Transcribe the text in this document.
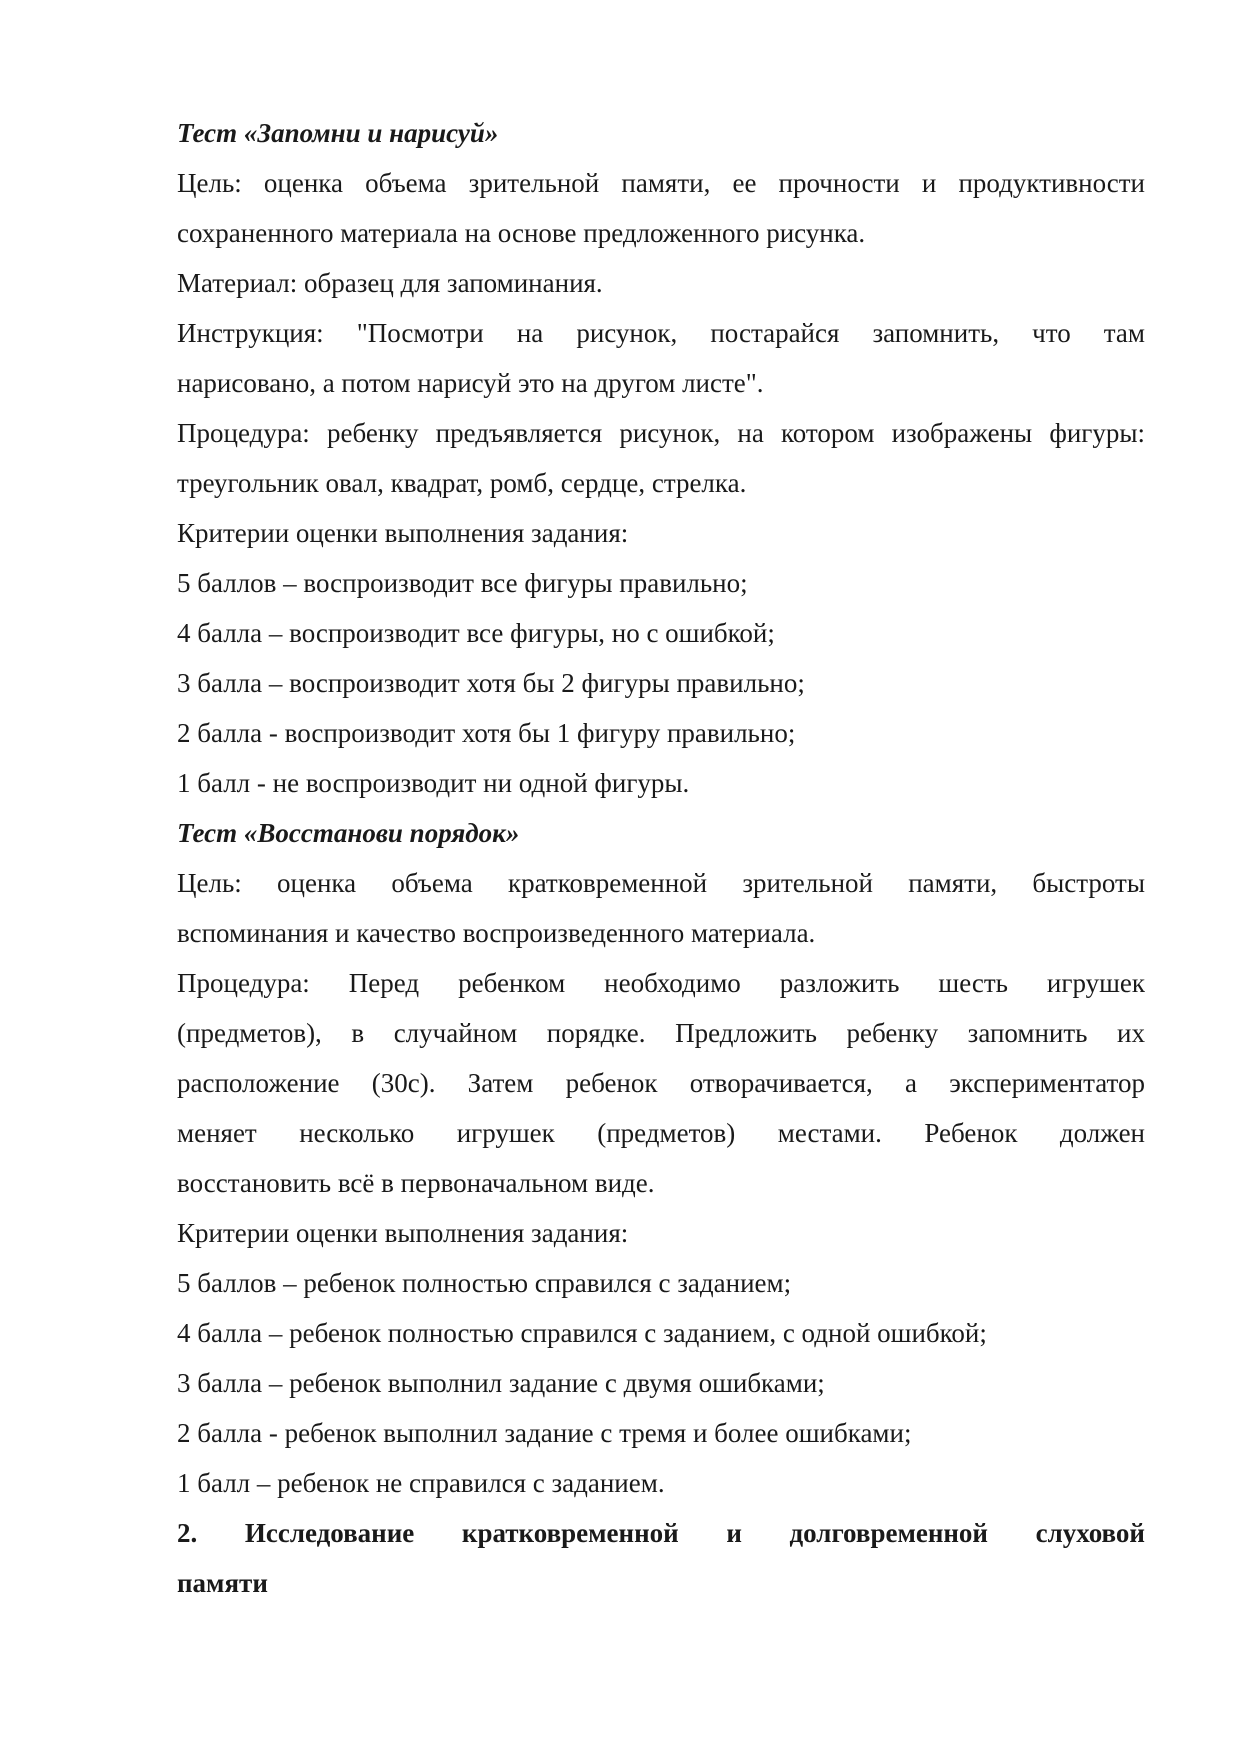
Тест «Запомни и нарисуй»
Цель: оценка объема зрительной памяти, ее прочности и продуктивности
сохраненного материала на основе предложенного рисунка.
Материал: образец для запоминания.
Инструкция: "Посмотри на рисунок, постарайся запомнить, что там
нарисовано, а потом нарисуй это на другом листе".
Процедура: ребенку предъявляется рисунок, на котором изображены фигуры:
треугольник овал, квадрат, ромб, сердце, стрелка.
Критерии оценки выполнения задания:
5 баллов – воспроизводит все фигуры правильно;
4 балла – воспроизводит все фигуры, но с ошибкой;
3 балла – воспроизводит хотя бы 2 фигуры правильно;
2 балла - воспроизводит хотя бы 1 фигуру правильно;
1 балл - не воспроизводит ни одной фигуры.
Тест «Восстанови порядок»
Цель: оценка объема кратковременной зрительной памяти, быстроты
вспоминания и качество воспроизведенного материала.
Процедура: Перед ребенком необходимо разложить шесть игрушек
(предметов), в случайном порядке. Предложить ребенку запомнить их
расположение (30с). Затем ребенок отворачивается, а экспериментатор
меняет несколько игрушек (предметов) местами. Ребенок должен
восстановить всё в первоначальном виде.
Критерии оценки выполнения задания:
5 баллов – ребенок полностью справился с заданием;
4 балла – ребенок полностью справился с заданием, с одной ошибкой;
3 балла – ребенок выполнил задание с двумя ошибками;
2 балла - ребенок выполнил задание с тремя и более ошибками;
1 балл – ребенок не справился с заданием.
2. Исследование кратковременной и долговременной слуховой
памяти
